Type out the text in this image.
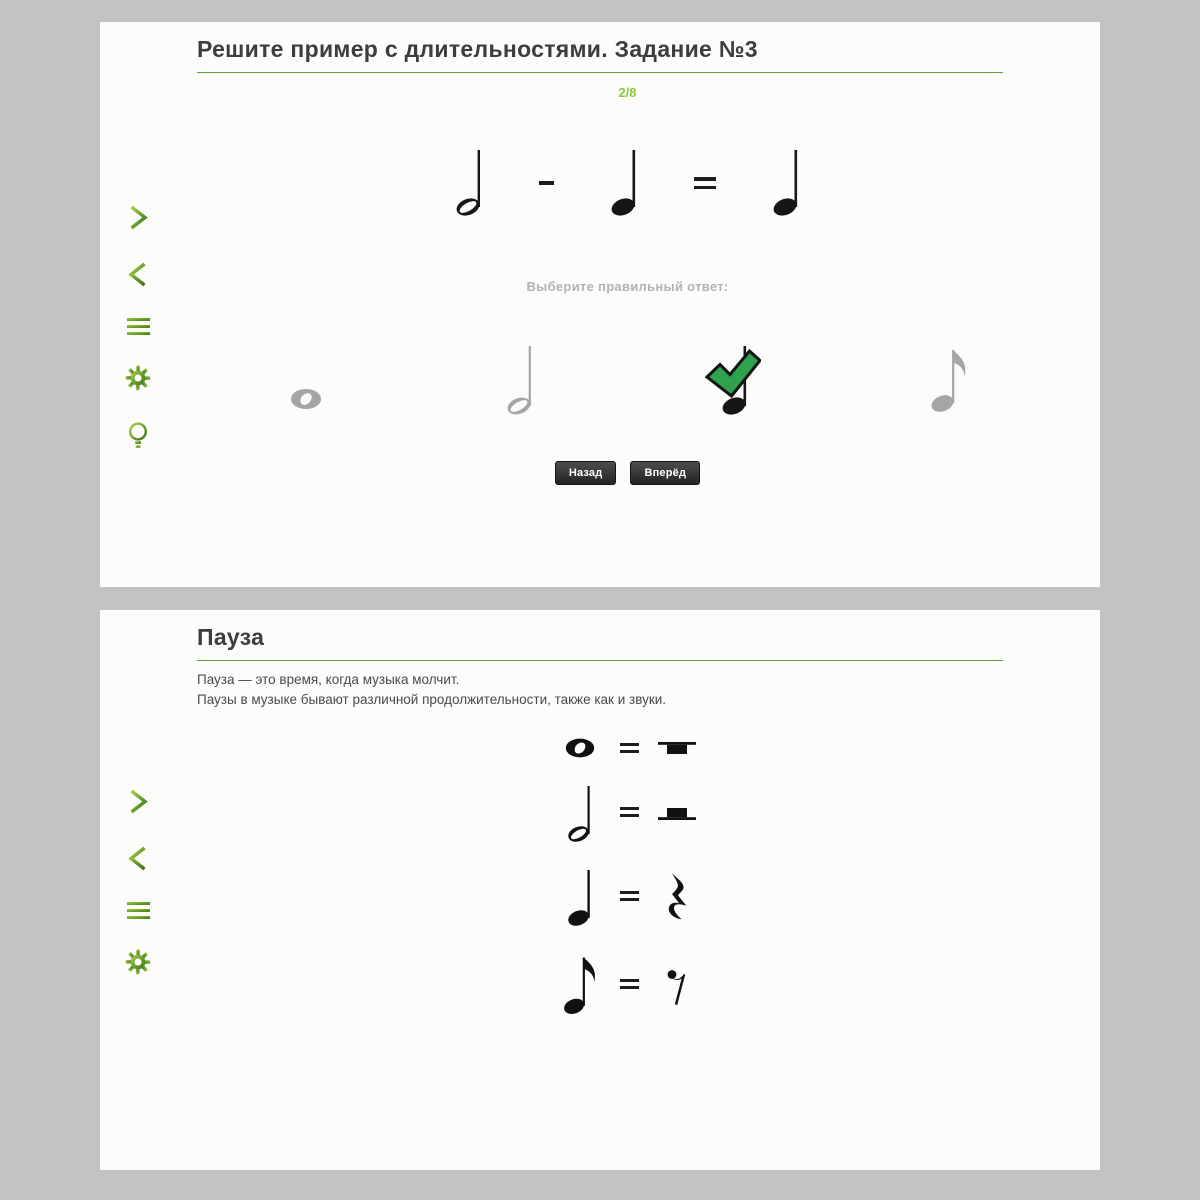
Решите пример с длительностями. Задание №3
2/8
Выберите правильный ответ:
Назад	Вперёд
Пауза
Пауза — это время, когда музыка молчит.
Паузы в музыке бывают различной продолжительности, также как и звуки.
